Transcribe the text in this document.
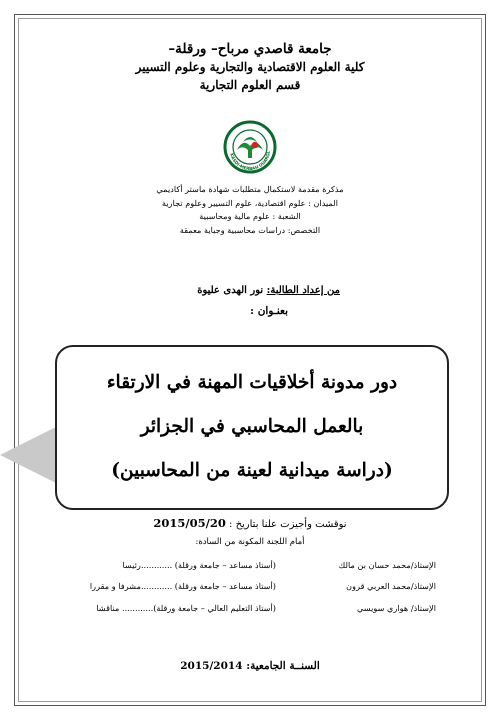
جامعة قاصدي مرباح– ورقلة–
كلية العلوم الاقتصادية والتجارية وعلوم التسيير
قسم العلوم التجارية
KASDI-MERBAH OUARGL
مذكرة مقدمة لاستكمال متطلبات شهادة ماستر أكاديمي
الميدان : علوم اقتصادية، علوم التسيير وعلوم تجارية
الشعبة : علوم مالية ومحاسبية
التخصص: دراسات محاسبية وجباية معمقة
من إعداد الطالبة: نور الهدى عليوة
بعنـوان :
دور مدونة أخلاقيات المهنة في الارتقاء
بالعمل المحاسبي في الجزائر
(دراسة ميدانية لعينة من المحاسبين)
نوقشت وأجيزت علنا بتاريخ : 2015/05/20
أمام اللجنة المكونة من السادة:
الإستاذ/محمد حسان بن مالك
(أستاذ مساعد – جامعة ورقلة) ............رئيسا
الإستاذ/محمد العربي قرون
(أستاذ مساعد – جامعة ورقلة) ............مشرفا و مقررا
الإستاذ/ هواري سويسي
(أستاذ التعليم العالي – جامعة ورقلة)............ مناقشا
السنــة الجامعية: 2015/2014
